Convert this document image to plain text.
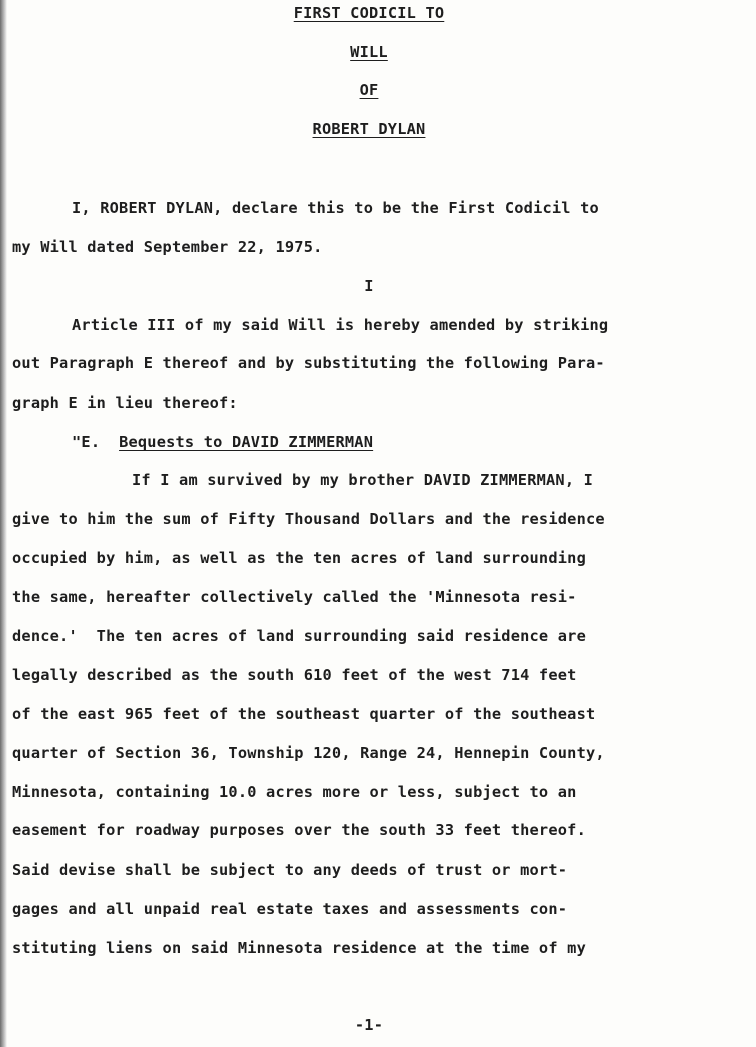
FIRST CODICIL TO
WILL
OF
ROBERT DYLAN
I, ROBERT DYLAN, declare this to be the First Codicil to
my Will dated September 22, 1975.
I
Article III of my said Will is hereby amended by striking
out Paragraph E thereof and by substituting the following Para-
graph E in lieu thereof:
"E. Bequests to DAVID ZIMMERMAN
If I am survived by my brother DAVID ZIMMERMAN, I
give to him the sum of Fifty Thousand Dollars and the residence
occupied by him, as well as the ten acres of land surrounding
the same, hereafter collectively called the 'Minnesota resi-
dence.'  The ten acres of land surrounding said residence are
legally described as the south 610 feet of the west 714 feet
of the east 965 feet of the southeast quarter of the southeast
quarter of Section 36, Township 120, Range 24, Hennepin County,
Minnesota, containing 10.0 acres more or less, subject to an
easement for roadway purposes over the south 33 feet thereof.
Said devise shall be subject to any deeds of trust or mort-
gages and all unpaid real estate taxes and assessments con-
stituting liens on said Minnesota residence at the time of my
-1-
